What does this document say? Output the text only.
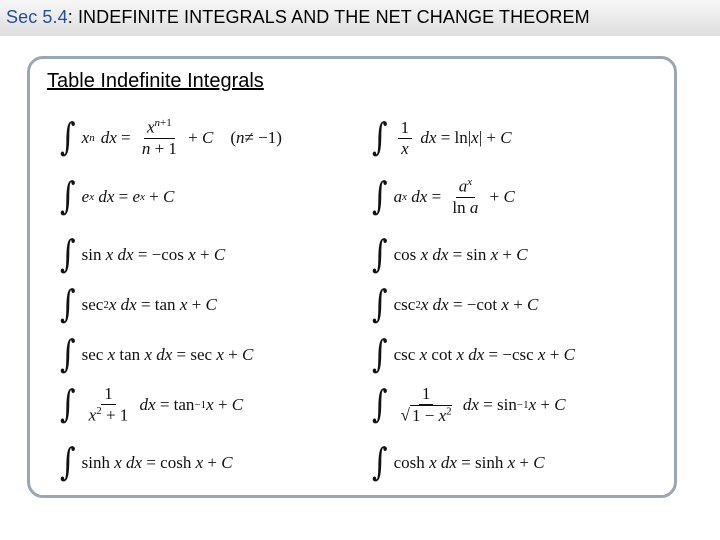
Sec 5.4: INDEFINITE INTEGRALS AND THE NET CHANGE THEOREM
Table Indefinite Integrals
∫ x n dx = $\frac{x^{n+1}}{n + 1} + C$ ( n ≠ −1)
∫ e x
dx = e x + C
∫ sin x
dx = −cos x + C
∫ sec 2 x
dx = tan x + C
∫ sec x tan x
dx = sec x + C
∫ $\frac{1}{x^2 + 1}$
dx = tan −1 x + C
∫ sinh x
dx = cosh x + C
∫ $\frac{1}{x}$
dx = ln| x | + C
∫ a x
dx = $\frac{a^x}{\text{ln a}} + C$
∫ cos x
dx = sin x + C
∫ csc 2 x
dx = −cot x + C
∫ csc x cot x
dx = −csc x + C
∫ $\frac{1}{√ 1 - x^2}$
dx = sin −1 x + C
∫ cosh x
dx = sinh x + C
